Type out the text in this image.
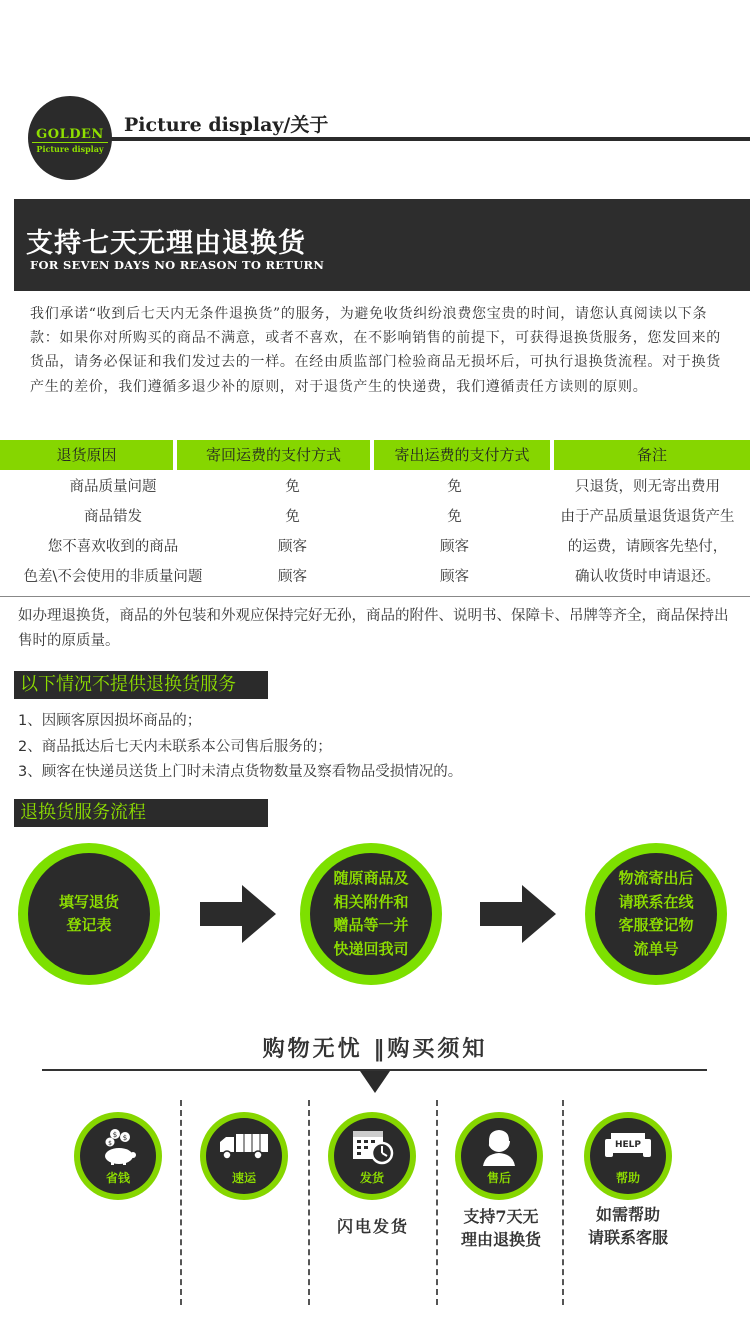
GOLDEN
Picture display
Picture display/关于
支持七天无理由退换货
FOR SEVEN DAYS NO REASON TO RETURN
我们承诺“收到后七天内无条件退换货”的服务，为避免收货纠纷浪费您宝贵的时间，请您认真阅读以下条款：如果你对所购买的商品不满意，或者不喜欢，在不影响销售的前提下，可获得退换货服务，您发回来的货品，请务必保证和我们发过去的一样。在经由质监部门检验商品无损坏后，可执行退换货流程。对于换货产生的差价，我们遵循多退少补的原则，对于退货产生的快递费，我们遵循责任方读则的原则。
退货原因	寄回运费的支付方式	寄出运费的支付方式	备注
商品质量问题	免	免	只退货，则无寄出费用
商品错发	免	免	由于产品质量退货退货产生
您不喜欢收到的商品	顾客	顾客	的运费，请顾客先垫付，
色差\不会使用的非质量问题	顾客	顾客	确认收货时申请退还。
如办理退换货，商品的外包装和外观应保持完好无孙，商品的附件、说明书、保障卡、吊牌等齐全，商品保持出售时的原质量。
以下情况不提供退换货服务
1、因顾客原因损坏商品的；
2、商品抵达后七天内未联系本公司售后服务的；
3、顾客在快递员送货上门时未清点货物数量及察看物品受损情况的。
退换货服务流程
填写退货
登记表
随原商品及
相关附件和
赠品等一并
快递回我司
物流寄出后
请联系在线
客服登记物
流单号
购物无忧 ‖购买须知
$ $
$
省钱	速运	发货	售后
HELP
帮助
闪电发货
支持7天无
理由退换货
如需帮助
请联系客服
